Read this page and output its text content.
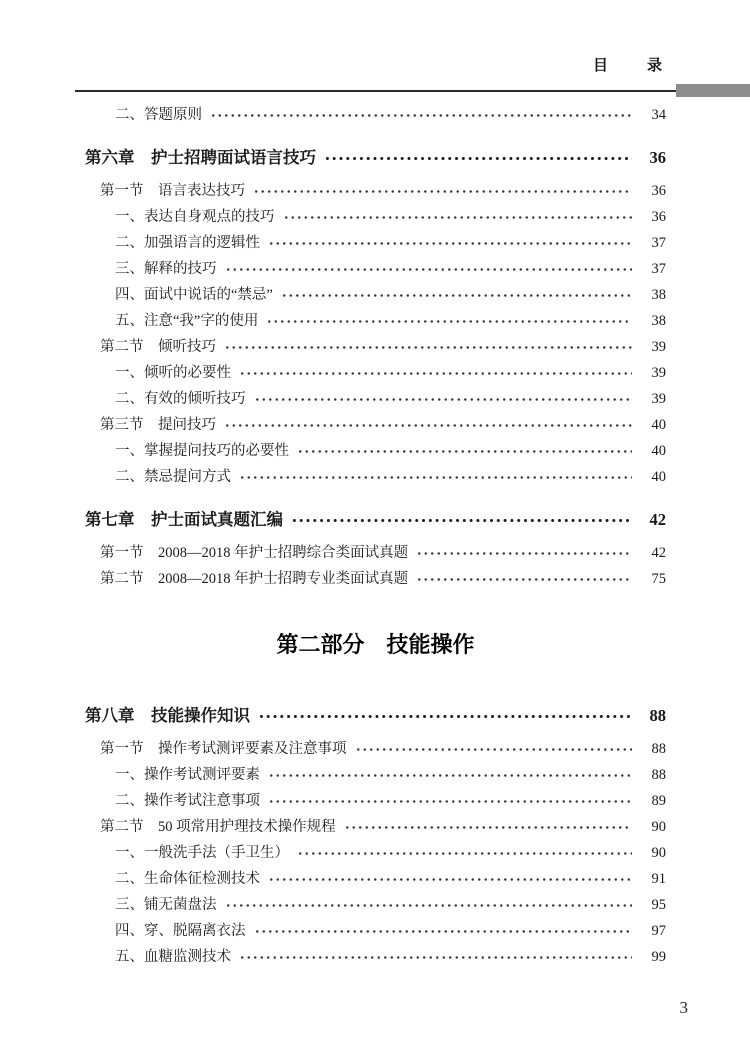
目　　录
二、答题原则	34
第六章　护士招聘面试语言技巧	36
第一节　语言表达技巧	36
一、表达自身观点的技巧	36
二、加强语言的逻辑性	37
三、解释的技巧	37
四、面试中说话的“禁忌”	38
五、注意“我”字的使用	38
第二节　倾听技巧	39
一、倾听的必要性	39
二、有效的倾听技巧	39
第三节　提问技巧	40
一、掌握提问技巧的必要性	40
二、禁忌提问方式	40
第七章　护士面试真题汇编	42
第一节　2008—2018 年护士招聘综合类面试真题	42
第二节　2008—2018 年护士招聘专业类面试真题	75
第二部分　技能操作
第八章　技能操作知识	88
第一节　操作考试测评要素及注意事项	88
一、操作考试测评要素	88
二、操作考试注意事项	89
第二节　50 项常用护理技术操作规程	90
一、一般洗手法（手卫生）	90
二、生命体征检测技术	91
三、铺无菌盘法	95
四、穿、脱隔离衣法	97
五、血糖监测技术	99
3
